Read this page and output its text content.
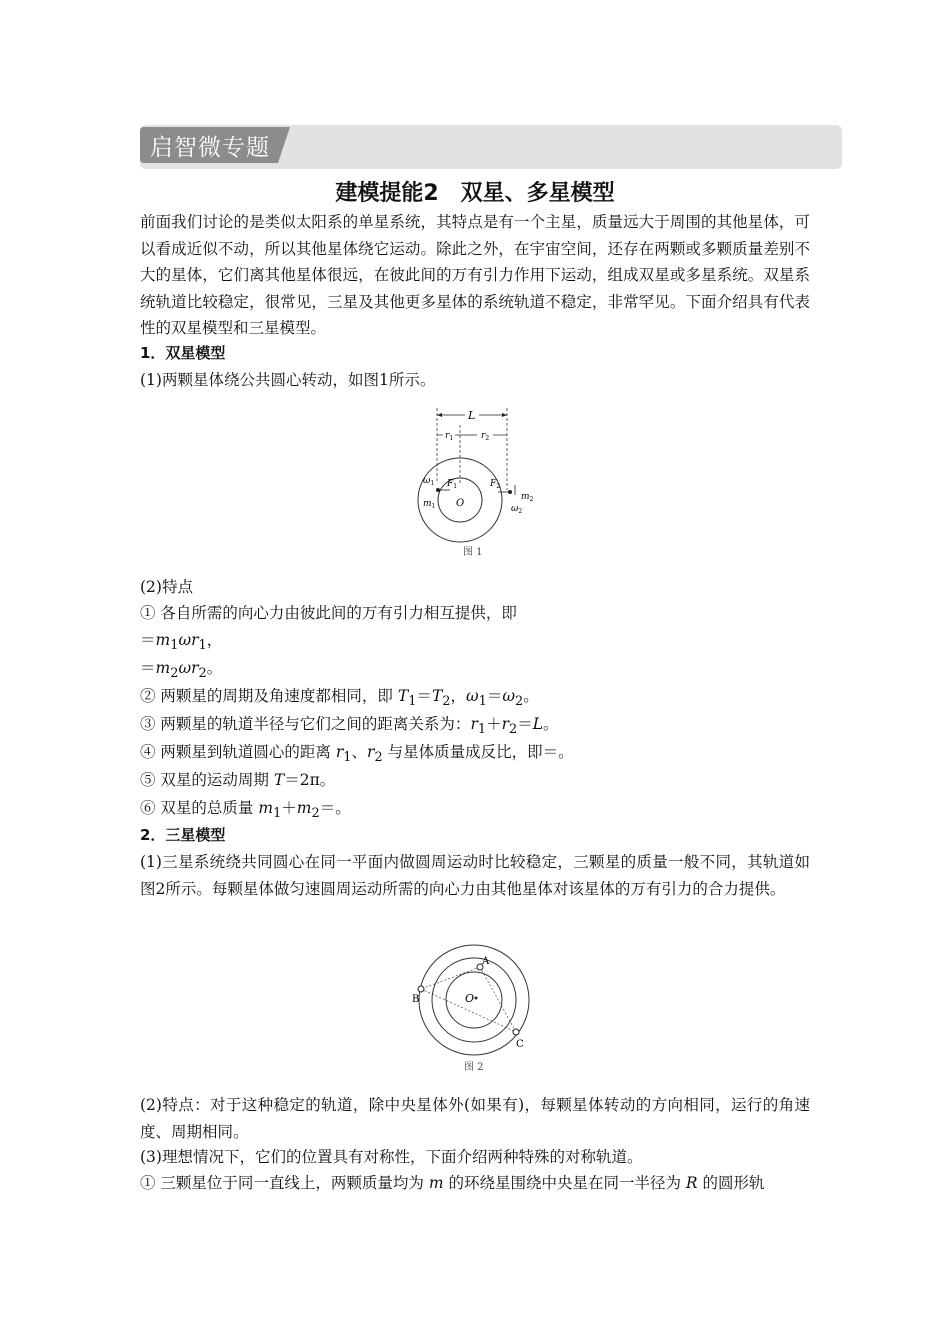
启智微专题
建模提能2　双星、多星模型
前面我们讨论的是类似太阳系的单星系统，其特点是有一个主星，质量远大于周围的其他星体，可以看成近似不动，所以其他星体绕它运动。除此之外，在宇宙空间，还存在两颗或多颗质量差别不大的星体，它们离其他星体很远，在彼此间的万有引力作用下运动，组成双星或多星系统。双星系统轨道比较稳定，很常见，三星及其他更多星体的系统轨道不稳定，非常罕见。下面介绍具有代表性的双星模型和三星模型。
1．双星模型
(1)两颗星体绕公共圆心转动，如图1所示。
L
$r_1$	$r_2$
$\omega_1$
$m_1$
$F_1$
O
$F_2$
$m_2$
$\omega_2$
图 1
(2)特点
① 各自所需的向心力由彼此间的万有引力相互提供，即
$=m_1\omega r_1$，
$=m_2\omega r_2$。
② 两颗星的周期及角速度都相同，即 $T_1=T_2$，$\omega_1=\omega_2$。
③ 两颗星的轨道半径与它们之间的距离关系为：$r_1+r_2=L$。
④ 两颗星到轨道圆心的距离 $r_1$、$r_2$ 与星体质量成反比，即＝。
⑤ 双星的运动周期 T＝2π。
⑥ 双星的总质量 $m_1+m_2=$。
2．三星模型
(1)三星系统绕共同圆心在同一平面内做圆周运动时比较稳定，三颗星的质量一般不同，其轨道如图2所示。每颗星体做匀速圆周运动所需的向心力由其他星体对该星体的万有引力的合力提供。
A
B
C
O
图 2
(2)特点：对于这种稳定的轨道，除中央星体外(如果有)，每颗星体转动的方向相同，运行的角速度、周期相同。
(3)理想情况下，它们的位置具有对称性，下面介绍两种特殊的对称轨道。
① 三颗星位于同一直线上，两颗质量均为 m 的环绕星围绕中央星在同一半径为 R 的圆形轨
